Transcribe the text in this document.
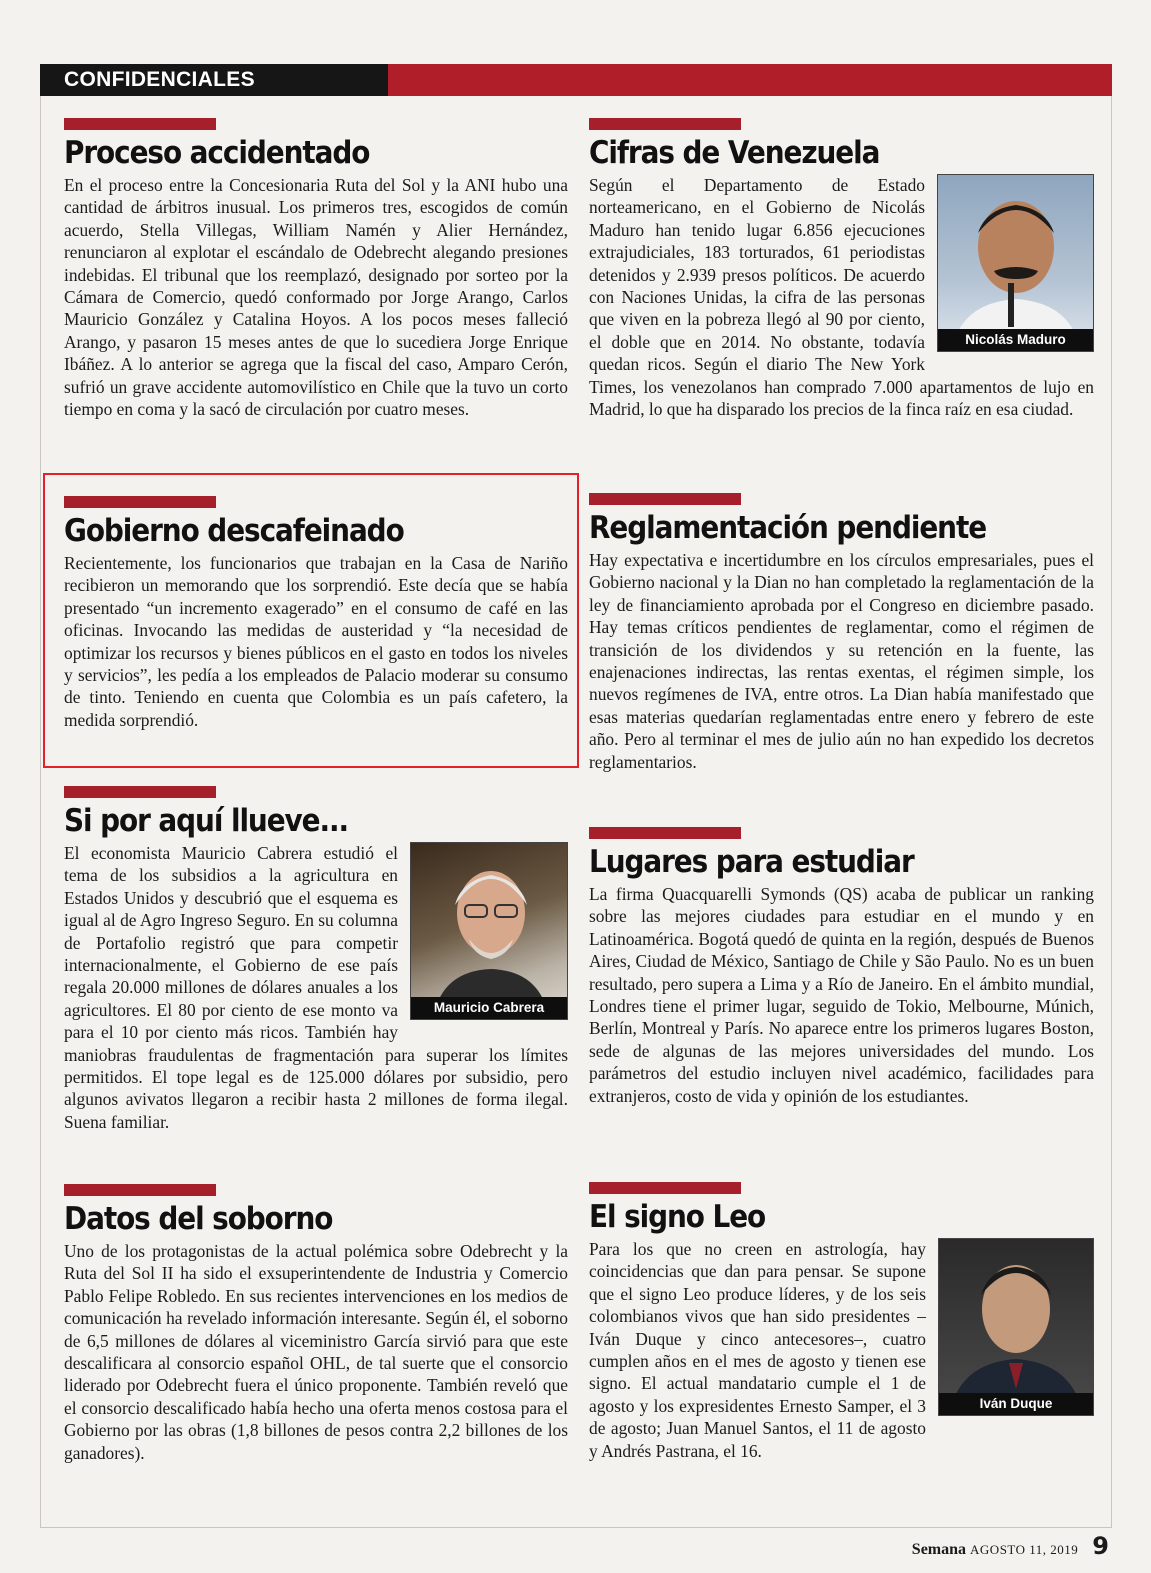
CONFIDENCIALES
Proceso accidentado

En el proceso entre la Concesionaria Ruta del Sol y la ANI hubo una cantidad de árbitros inusual. Los primeros tres, escogidos de común acuerdo, Stella Villegas, William Namén y Alier Hernández, renunciaron al explotar el escándalo de Odebrecht alegando presiones indebidas. El tribunal que los reemplazó, designado por sorteo por la Cámara de Comercio, quedó conformado por Jorge Arango, Carlos Mauricio González y Catalina Hoyos. A los pocos meses falleció Arango, y pasaron 15 meses antes de que lo sucediera Jorge Enrique Ibáñez. A lo anterior se agrega que la fiscal del caso, Amparo Cerón, sufrió un grave accidente automovilístico en Chile que la tuvo un corto tiempo en coma y la sacó de circulación por cuatro meses.

Gobierno descafeinado

Recientemente, los funcionarios que trabajan en la Casa de Nariño recibieron un memorando que los sorprendió. Este decía que se había presentado “un incremento exagerado” en el consumo de café en las oficinas. Invocando las medidas de austeridad y “la necesidad de optimizar los recursos y bienes públicos en el gasto en todos los niveles y servicios”, les pedía a los empleados de Palacio moderar su consumo de tinto. Teniendo en cuenta que Colombia es un país cafetero, la medida sorprendió.

Si por aquí llueve...
Mauricio Cabrera

El economista Mauricio Cabrera estudió el tema de los subsidios a la agricultura en Estados Unidos y descubrió que el esquema es igual al de Agro Ingreso Seguro. En su columna de Portafolio registró que para competir internacionalmente, el Gobierno de ese país regala 20.000 millones de dólares anuales a los agricultores. El 80 por ciento de ese monto va para el 10 por ciento más ricos. También hay maniobras fraudulentas de fragmentación para superar los límites permitidos. El tope legal es de 125.000 dólares por subsidio, pero algunos avivatos llegaron a recibir hasta 2 millones de forma ilegal. Suena familiar.

Datos del soborno

Uno de los protagonistas de la actual polémica sobre Odebrecht y la Ruta del Sol II ha sido el exsuperintendente de Industria y Comercio Pablo Felipe Robledo. En sus recientes intervenciones en los medios de comunicación ha revelado información interesante. Según él, el soborno de 6,5 millones de dólares al viceministro García sirvió para que este descalificara al consorcio español OHL, de tal suerte que el consorcio liderado por Odebrecht fuera el único proponente. También reveló que el consorcio descalificado había hecho una oferta menos costosa para el Gobierno por las obras (1,8 billones de pesos contra 2,2 billones de los ganadores).

Cifras de Venezuela
Nicolás Maduro

Según el Departamento de Estado norteamericano, en el Gobierno de Nicolás Maduro han tenido lugar 6.856 ejecuciones extrajudiciales, 183 torturados, 61 periodistas detenidos y 2.939 presos políticos. De acuerdo con Naciones Unidas, la cifra de las personas que viven en la pobreza llegó al 90 por ciento, el doble que en 2014. No obstante, todavía quedan ricos. Según el diario The New York Times, los venezolanos han comprado 7.000 apartamentos de lujo en Madrid, lo que ha disparado los precios de la finca raíz en esa ciudad.

Reglamentación pendiente

Hay expectativa e incertidumbre en los círculos empresariales, pues el Gobierno nacional y la Dian no han completado la reglamentación de la ley de financiamiento aprobada por el Congreso en diciembre pasado. Hay temas críticos pendientes de reglamentar, como el régimen de transición de los dividendos y su retención en la fuente, las enajenaciones indirectas, las rentas exentas, el régimen simple, los nuevos regímenes de IVA, entre otros. La Dian había manifestado que esas materias quedarían reglamentadas entre enero y febrero de este año. Pero al terminar el mes de julio aún no han expedido los decretos reglamentarios.

Lugares para estudiar

La firma Quacquarelli Symonds (QS) acaba de publicar un ranking sobre las mejores ciudades para estudiar en el mundo y en Latinoamérica. Bogotá quedó de quinta en la región, después de Buenos Aires, Ciudad de México, Santiago de Chile y São Paulo. No es un buen resultado, pero supera a Lima y a Río de Janeiro. En el ámbito mundial, Londres tiene el primer lugar, seguido de Tokio, Melbourne, Múnich, Berlín, Montreal y París. No aparece entre los primeros lugares Boston, sede de algunas de las mejores universidades del mundo. Los parámetros del estudio incluyen nivel académico, facilidades para extranjeros, costo de vida y opinión de los estudiantes.

El signo Leo
Iván Duque

Para los que no creen en astrología, hay coincidencias que dan para pensar. Se supone que el signo Leo produce líderes, y de los seis colombianos vivos que han sido presidentes –Iván Duque y cinco antecesores–, cuatro cumplen años en el mes de agosto y tienen ese signo. El actual mandatario cumple el 1 de agosto y los expresidentes Ernesto Samper, el 3 de agosto; Juan Manuel Santos, el 11 de agosto y Andrés Pastrana, el 16.

Semana AGOSTO 11, 2019 9
